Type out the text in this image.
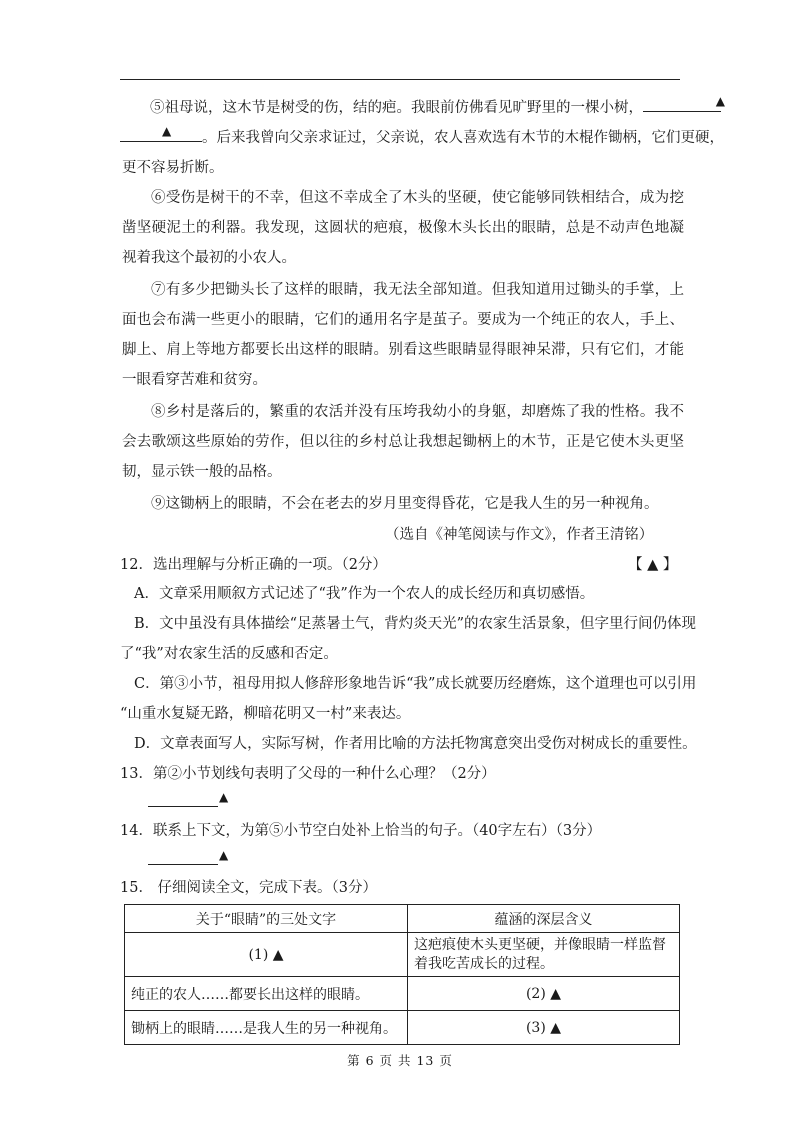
⑤祖母说，这木节是树受的伤，结的疤。我眼前仿佛看见旷野里的一棵小树，	▲
▲ 。后来我曾向父亲求证过，父亲说，农人喜欢选有木节的木棍作锄柄，它们更硬，
更不容易折断。

⑥受伤是树干的不幸，但这不幸成全了木头的坚硬，使它能够同铁相结合，成为挖凿坚硬泥土的利器。我发现，这圆状的疤痕，极像木头长出的眼睛，总是不动声色地凝视着我这个最初的小农人。

⑦有多少把锄头长了这样的眼睛，我无法全部知道。但我知道用过锄头的手掌，上面也会布满一些更小的眼睛，它们的通用名字是茧子。要成为一个纯正的农人，手上、脚上、肩上等地方都要长出这样的眼睛。别看这些眼睛显得眼神呆滞，只有它们，才能一眼看穿苦难和贫穷。

⑧乡村是落后的，繁重的农活并没有压垮我幼小的身躯，却磨炼了我的性格。我不会去歌颂这些原始的劳作，但以往的乡村总让我想起锄柄上的木节，正是它使木头更坚韧，显示铁一般的品格。

⑨这锄柄上的眼睛，不会在老去的岁月里变得昏花，它是我人生的另一种视角。

（选自《神笔阅读与作文》，作者王清铭）
12．选出理解与分析正确的一项。（2分）	【 ▲ 】
A．文章采用顺叙方式记述了“我”作为一个农人的成长经历和真切感悟。
B．文中虽没有具体描绘“足蒸暑土气，背灼炎天光”的农家生活景象，但字里行间仍体现
了“我”对农家生活的反感和否定。
C．第③小节，祖母用拟人修辞形象地告诉“我”成长就要历经磨炼，这个道理也可以引用
“山重水复疑无路，柳暗花明又一村”来表达。
D．文章表面写人，实际写树，作者用比喻的方法托物寓意突出受伤对树成长的重要性。
13．第②小节划线句表明了父母的一种什么心理？（2分）
▲
14．联系上下文，为第⑤小节空白处补上恰当的句子。（40字左右）（3分）
▲
15． 仔细阅读全文，完成下表。（3分）
关于“眼睛”的三处文字	蕴涵的深层含义
(1) ▲	这疤痕使木头更坚硬，并像眼睛一样监督着我吃苦成长的过程。
纯正的农人……都要长出这样的眼睛。	(2) ▲
锄柄上的眼睛……是我人生的另一种视角。	(3) ▲
第 6 页 共 13 页
